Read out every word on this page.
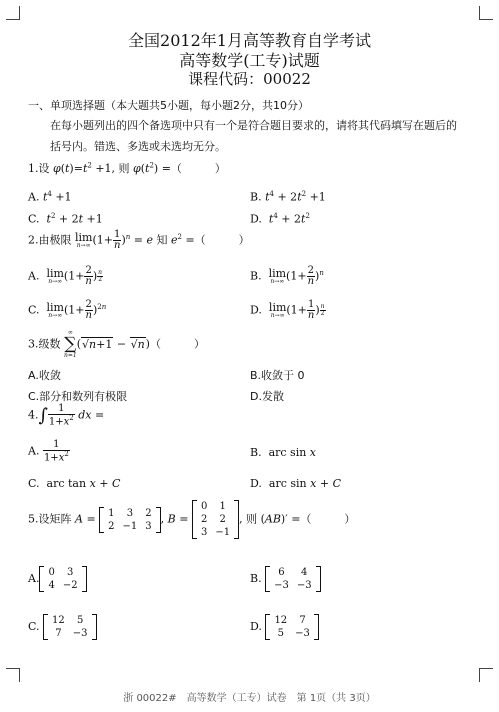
全国2012年1月高等教育自学考试
高等数学(工专)试题
课程代码：00022
一、单项选择题（本大题共5小题，每小题2分，共10分）
在每小题列出的四个备选项中只有一个是符合题目要求的，请将其代码填写在题后的
括号内。错选、多选或未选均无分。
1.设 $\varphi(t)=t^2 +1$, 则 $\varphi(t^2)$ =（　　　）
A. $t^4 +1$	B. $t^4 + 2t^2 +1$
C.  $t^2 + 2t +1$	D.  $t^4 + 2t^2$
2.由极限 lim
n→∞ $(1+ \frac{1}{n} )^n = e$ 知 $e^2$ =（　　　）
A. lim
n→∞ ($1+ \frac{2}{n}$ ) $\frac{n}{2}$	B. lim
n→∞ $(1+ \frac{2}{n} )^n$
C. lim
n→∞ $(1+ \frac{2}{n} )^{2n}$	D. lim
n→∞ ($1+ \frac{1}{n}$ ) $\frac{n}{2}$
3.级数
∞
∑
n=1
(√n+1 − √n)（　　　）
A.收敛	B.收敛于 0
C.部分和数列有极限	D.发散
$4.\int \frac{1}{1+x^2}$ dx =
A. $\frac{1}{1+x^2}$	B.  arc sin x
C.  arc tan x + C	D.  arc sin x + C
5.设矩阵 A = 1	3	2
2	−1	3
, B =
0	1
2	2
3	−1
, 则 (AB)′ =（　　　）
A. 0	3
4	−2
B. 6	4
−3	−3
C. 12	5
7	−3
D. 12	7
5	−3
浙 00022#　高等数学（工专）试卷　第 1页（共 3页）
